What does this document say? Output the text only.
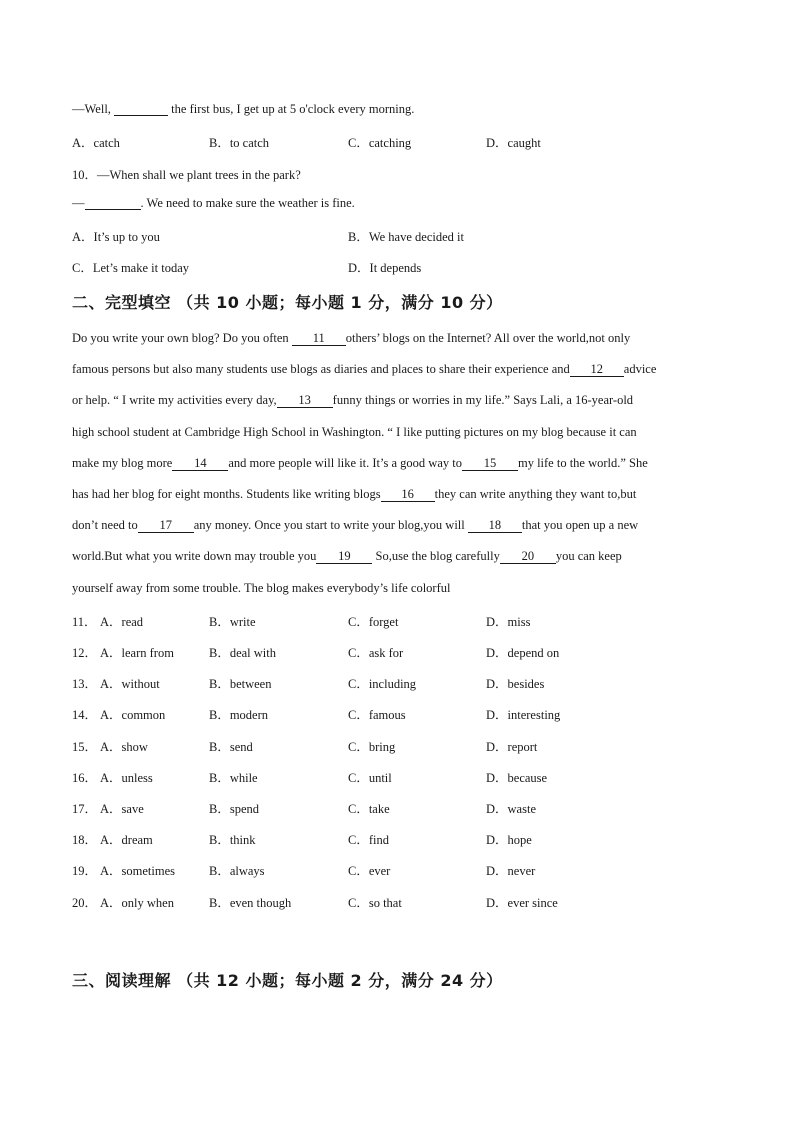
—Well,	the first bus, I get up at 5 o'clock every morning.
A．catch	B．to catch	C．catching	D．caught
10．—When shall we plant trees in the park?
—	. We need to make sure the weather is fine.
A．It’s up to you	B．We have decided it
C．Let’s make it today	D．It depends
二、完型填空 （共 10 小题；每小题 1 分，满分 10 分）
Do you write your own blog? Do you often 11 others’ blogs on the Internet? All over the world,not only
famous persons but also many students use blogs as diaries and places to share their experience and 12 advice
or help. “ I write my activities every day, 13 funny things or worries in my life.” Says Lali, a 16-year-old
high school student at Cambridge High School in Washington. “ I like putting pictures on my blog because it can
make my blog more 14 and more people will like it. It’s a good way to 15 my life to the world.” She
has had her blog for eight months. Students like writing blogs 16 they can write anything they want to,but
don’t need to 17 any money. Once you start to write your blog,you will 18 that you open up a new
world.But what you write down may trouble you 19 So,use the blog carefully 20 you can keep
yourself away from some trouble. The blog makes everybody’s life colorful
11． A．read	B．write	C．forget	D．miss
12． A．learn from	B．deal with	C．ask for	D．depend on
13． A．without	B．between	C．including	D．besides
14． A．common	B．modern	C．famous	D．interesting
15． A．show	B．send	C．bring	D．report
16． A．unless	B．while	C．until	D．because
17． A．save	B．spend	C．take	D．waste
18． A．dream	B．think	C．find	D．hope
19． A．sometimes	B．always	C．ever	D．never
20． A．only when	B．even though	C．so that	D．ever since
三、阅读理解 （共 12 小题；每小题 2 分，满分 24 分）
